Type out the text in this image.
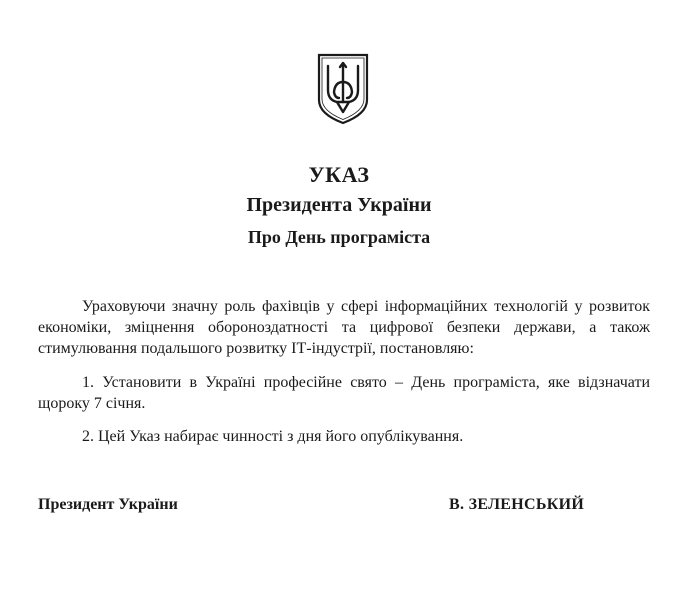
УКАЗ
Президента України
Про День програміста

Ураховуючи значну роль фахівців у сфері інформаційних технологій у розвиток економіки, зміцнення обороноздатності та цифрової безпеки держави, а також стимулювання подальшого розвитку ІТ-індустрії, постановляю:

1. Установити в Україні професійне свято – День програміста, яке відзначати щороку 7 січня.

2. Цей Указ набирає чинності з дня його опублікування.

Президент України	В. ЗЕЛЕНСЬКИЙ
